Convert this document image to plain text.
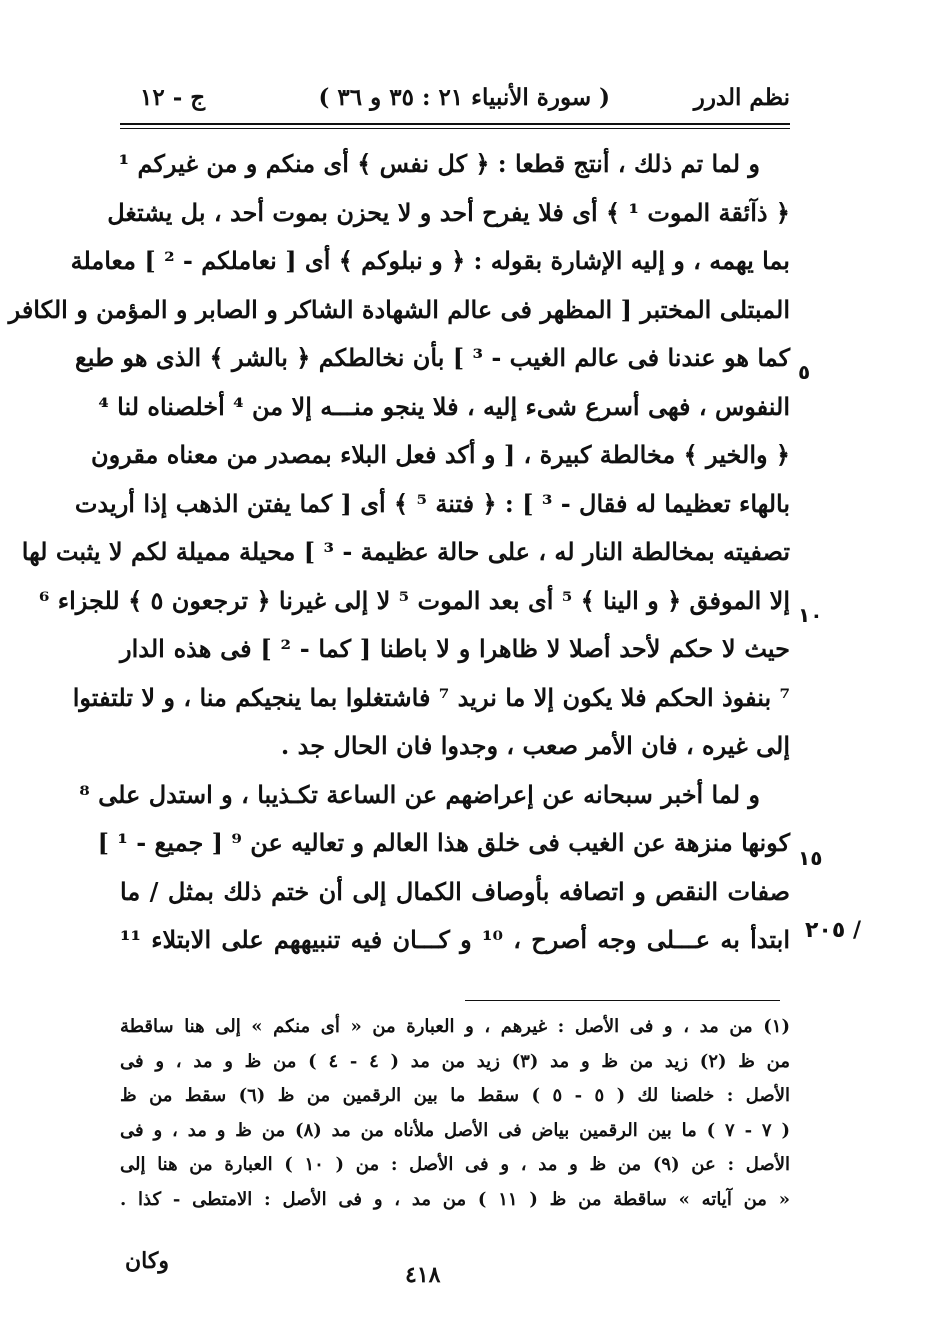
نظم الدرر
( سورة الأنبياء ٢١ : ٣٥ و ٣٦ )
ج - ١٢
و لما تم ذلك ، أنتج قطعا : ﴿ كل نفس ﴾ أى منكم و من غيركم ¹
﴿ ذآئقة الموت ¹ ﴾ أى فلا يفرح أحد و لا يحزن بموت أحد ، بل يشتغل
بما يهمه ، و إليه الإشارة بقوله : ﴿ و نبلوكم ﴾ أى [ نعاملكم - ² ] معاملة
المبتلى المختبر [ المظهر فى عالم الشهادة الشاكر و الصابر و المؤمن و الكافر
كما هو عندنا فى عالم الغيب - ³ ] بأن نخالطكم ﴿ بالشر ﴾ الذى هو طبع
النفوس ، فهى أسرع شىء إليه ، فلا ينجو منـــه إلا من ⁴ أخلصناه لنا ⁴
﴿ والخير ﴾ مخالطة كبيرة ، [ و أكد فعل البلاء بمصدر من معناه مقرون
بالهاء تعظيما له فقال - ³ ] : ﴿ فتنة ⁵ ﴾ أى [ كما يفتن الذهب إذا أريدت
تصفيته بمخالطة النار له ، على حالة عظيمة - ³ ] محيلة مميلة لكم لا يثبت لها
إلا الموفق ﴿ و الينا ﴾ ⁵ أى بعد الموت ⁵ لا إلى غيرنا ﴿ ترجعون ٥ ﴾ للجزاء ⁶
حيث لا حكم لأحد أصلا لا ظاهرا و لا باطنا [ كما - ² ] فى هذه الدار
⁷ بنفوذ الحكم فلا يكون إلا ما نريد ⁷ فاشتغلوا بما ينجيكم منا ، و لا تلتفتوا
إلى غيره ، فان الأمر صعب ، وجدوا فان الحال جد .
و لما أخبر سبحانه عن إعراضهم عن الساعة تكـذيبا ، و استدل على ⁸
كونها منزهة عن الغيب فى خلق هذا العالم و تعاليه عن ⁹ [ جميع - ¹ ]
صفات النقص و اتصافه بأوصاف الكمال إلى أن ختم ذلك بمثل / ما
ابتدأ به عـــلى وجه أصرح ، ¹⁰ و كـــان فيه تنبيههم على الابتلاء ¹¹
٥
١٠
١٥
/ ٢٠٥
(١) من مد ، و فى الأصل : غيرهم ، و العبارة من « أى منكم » إلى هنا ساقطة
من ظ (٢) زيد من ظ و مد (٣) زيد من مد ( ٤ - ٤ ) من ظ و مد ، و فى
الأصل : خلصنا لك ( ٥ - ٥ ) سقط ما بين الرقمين من ظ (٦) سقط من ظ
( ٧ - ٧ ) ما بين الرقمين بياض فى الأصل ملأناه من مد (٨) من ظ و مد ، و فى
الأصل : عن (٩) من ظ و مد ، و فى الأصل : من ( ١٠ ) العبارة من هنا إلى
« من آياته » ساقطة من ظ ( ١١ ) من مد ، و فى الأصل : الامتطى - كذا .
وكان
٤١٨
